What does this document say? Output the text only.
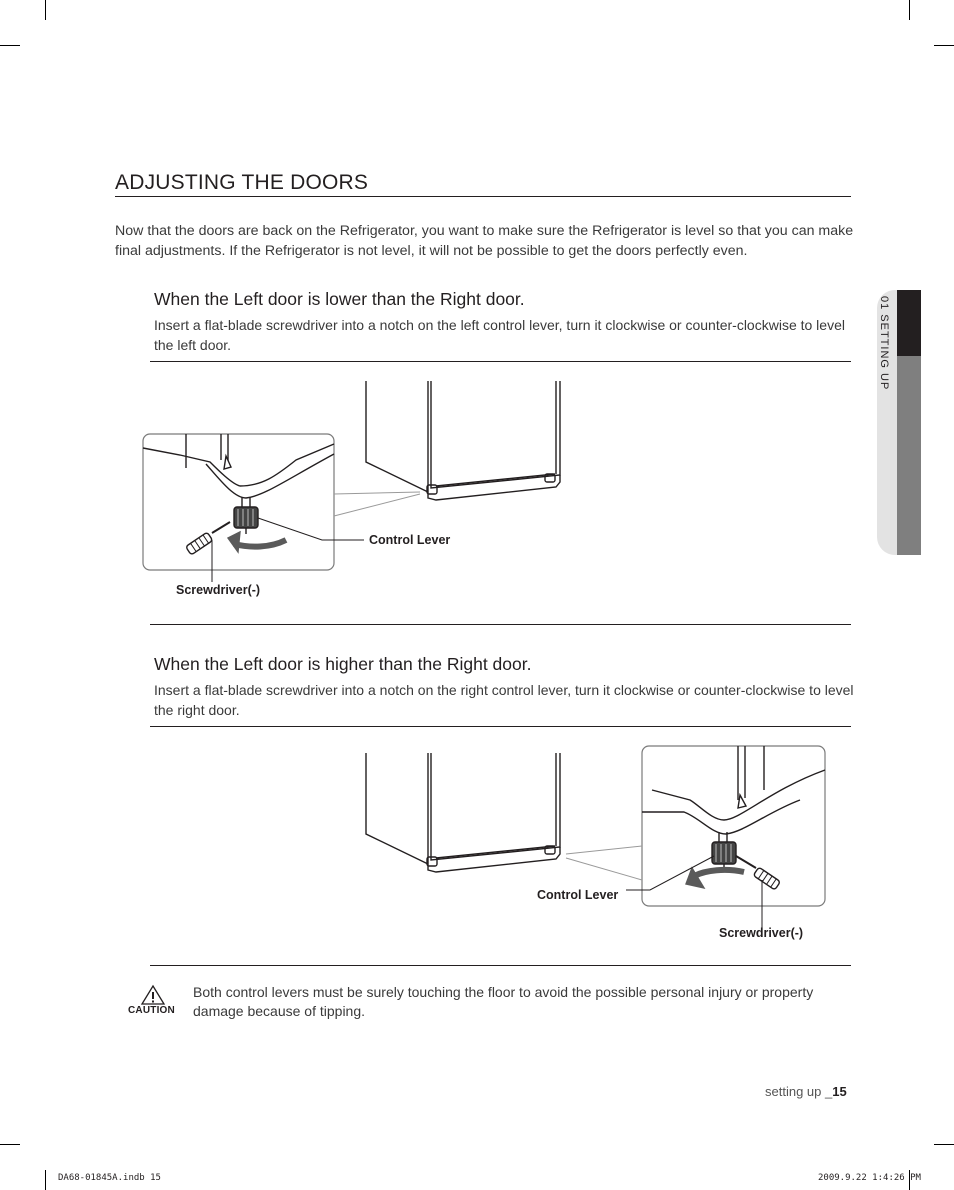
01 SETTING UP
ADJUSTING THE DOORS
Now that the doors are back on the Refrigerator, you want to make sure the Refrigerator is level so that you can make final adjustments. If the Refrigerator is not level, it will not be possible to get the doors perfectly even.
When the Left door is lower than the Right door.
Insert a flat-blade screwdriver into a notch on the left control lever, turn it clockwise or counter-clockwise to level the left door.
Control Lever
Screwdriver(-)
When the Left door is higher than the Right door.
Insert a flat-blade screwdriver into a notch on the right control lever, turn it clockwise or counter-clockwise to level the right door.
Control Lever
Screwdriver(-)
CAUTION
Both control levers must be surely touching the floor to avoid the possible personal injury or property damage because of tipping.
setting up _15
DA68-01845A.indb 15	2009.9.22 1:4:26 PM
